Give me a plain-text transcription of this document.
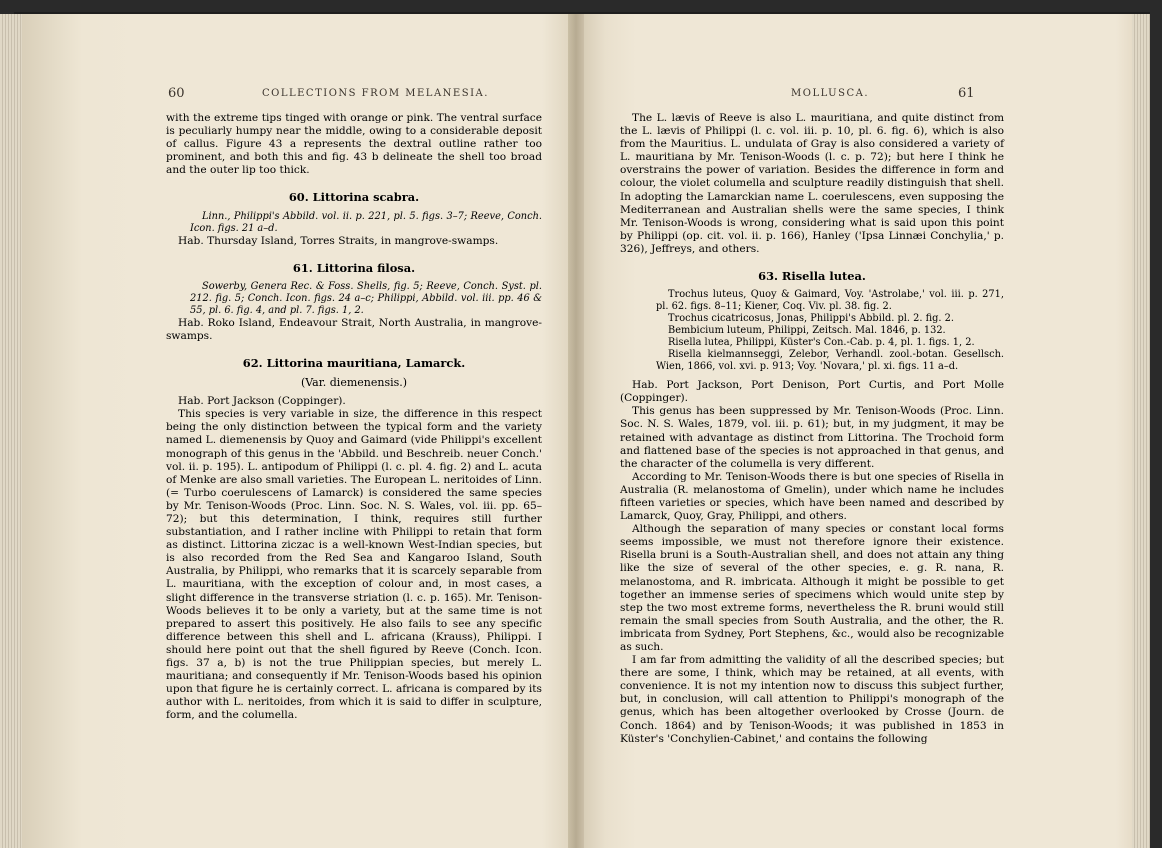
60	COLLECTIONS FROM MELANESIA.	MOLLUSCA.	61

with the extreme tips tinged with orange or pink. The ventral surface is peculiarly humpy near the middle, owing to a considerable deposit of callus. Figure 43 a represents the dextral outline rather too prominent, and both this and fig. 43 b delineate the shell too broad and the outer lip too thick.

60. Littorina scabra.

Linn., Philippi's Abbild. vol. ii. p. 221, pl. 5. figs. 3–7; Reeve, Conch. Icon. figs. 21 a–d.

Hab. Thursday Island, Torres Straits, in mangrove-swamps.

61. Littorina filosa.

Sowerby, Genera Rec. & Foss. Shells, fig. 5; Reeve, Conch. Syst. pl. 212. fig. 5; Conch. Icon. figs. 24 a–c; Philippi, Abbild. vol. iii. pp. 46 & 55, pl. 6. fig. 4, and pl. 7. figs. 1, 2.

Hab. Roko Island, Endeavour Strait, North Australia, in mangrove-swamps.

62. Littorina mauritiana, Lamarck.
(Var. diemenensis.)

Hab. Port Jackson (Coppinger).

This species is very variable in size, the difference in this respect being the only distinction between the typical form and the variety named L. diemenensis by Quoy and Gaimard (vide Philippi's excellent monograph of this genus in the 'Abbild. und Beschreib. neuer Conch.' vol. ii. p. 195). L. antipodum of Philippi (l. c. pl. 4. fig. 2) and L. acuta of Menke are also small varieties. The European L. neritoides of Linn. (= Turbo coerulescens of Lamarck) is considered the same species by Mr. Tenison-Woods (Proc. Linn. Soc. N. S. Wales, vol. iii. pp. 65–72); but this determination, I think, requires still further substantiation, and I rather incline with Philippi to retain that form as distinct. Littorina ziczac is a well-known West-Indian species, but is also recorded from the Red Sea and Kangaroo Island, South Australia, by Philippi, who remarks that it is scarcely separable from L. mauritiana, with the exception of colour and, in most cases, a slight difference in the transverse striation (l. c. p. 165). Mr. Tenison-Woods believes it to be only a variety, but at the same time is not prepared to assert this positively. He also fails to see any specific difference between this shell and L. africana (Krauss), Philippi. I should here point out that the shell figured by Reeve (Conch. Icon. figs. 37 a, b) is not the true Philippian species, but merely L. mauritiana; and consequently if Mr. Tenison-Woods based his opinion upon that figure he is certainly correct. L. africana is compared by its author with L. neritoides, from which it is said to differ in sculpture, form, and the columella.

The L. lævis of Reeve is also L. mauritiana, and quite distinct from the L. lævis of Philippi (l. c. vol. iii. p. 10, pl. 6. fig. 6), which is also from the Mauritius. L. undulata of Gray is also considered a variety of L. mauritiana by Mr. Tenison-Woods (l. c. p. 72); but here I think he overstrains the power of variation. Besides the difference in form and colour, the violet columella and sculpture readily distinguish that shell. In adopting the Lamarckian name L. coerulescens, even supposing the Mediterranean and Australian shells were the same species, I think Mr. Tenison-Woods is wrong, considering what is said upon this point by Philippi (op. cit. vol. ii. p. 166), Hanley ('Ipsa Linnæi Conchylia,' p. 326), Jeffreys, and others.

63. Risella lutea.

Trochus luteus, Quoy & Gaimard, Voy. 'Astrolabe,' vol. iii. p. 271, pl. 62. figs. 8–11; Kiener, Coq. Viv. pl. 38. fig. 2.

Trochus cicatricosus, Jonas, Philippi's Abbild. pl. 2. fig. 2.

Bembicium luteum, Philippi, Zeitsch. Mal. 1846, p. 132.

Risella lutea, Philippi, Küster's Con.-Cab. p. 4, pl. 1. figs. 1, 2.

Risella kielmannseggi, Zelebor, Verhandl. zool.-botan. Gesellsch. Wien, 1866, vol. xvi. p. 913; Voy. 'Novara,' pl. xi. figs. 11 a–d.

Hab. Port Jackson, Port Denison, Port Curtis, and Port Molle (Coppinger).

This genus has been suppressed by Mr. Tenison-Woods (Proc. Linn. Soc. N. S. Wales, 1879, vol. iii. p. 61); but, in my judgment, it may be retained with advantage as distinct from Littorina. The Trochoid form and flattened base of the species is not approached in that genus, and the character of the columella is very different.

According to Mr. Tenison-Woods there is but one species of Risella in Australia (R. melanostoma of Gmelin), under which name he includes fifteen varieties or species, which have been named and described by Lamarck, Quoy, Gray, Philippi, and others.

Although the separation of many species or constant local forms seems impossible, we must not therefore ignore their existence. Risella bruni is a South-Australian shell, and does not attain any thing like the size of several of the other species, e. g. R. nana, R. melanostoma, and R. imbricata. Although it might be possible to get together an immense series of specimens which would unite step by step the two most extreme forms, nevertheless the R. bruni would still remain the small species from South Australia, and the other, the R. imbricata from Sydney, Port Stephens, &c., would also be recognizable as such.

I am far from admitting the validity of all the described species; but there are some, I think, which may be retained, at all events, with convenience. It is not my intention now to discuss this subject further, but, in conclusion, will call attention to Philippi's monograph of the genus, which has been altogether overlooked by Crosse (Journ. de Conch. 1864) and by Tenison-Woods; it was published in 1853 in Küster's 'Conchylien-Cabinet,' and contains the following
